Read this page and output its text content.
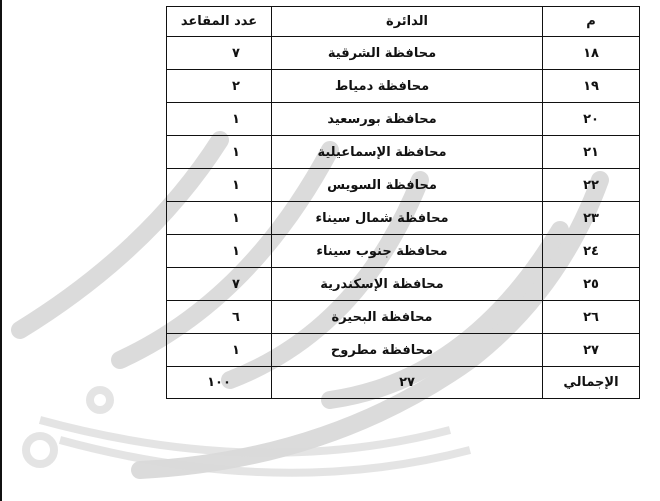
م	الدائرة	عدد المقاعد
١٨	محافظة الشرقية	٧
١٩	محافظة دمياط	٢
٢٠	محافظة بورسعيد	١
٢١	محافظة الإسماعيلية	١
٢٢	محافظة السويس	١
٢٣	محافظة شمال سيناء	١
٢٤	محافظة جنوب سيناء	١
٢٥	محافظة الإسكندرية	٧
٢٦	محافظة البحيرة	٦
٢٧	محافظة مطروح	١
الإجمالي	٢٧	١٠٠
